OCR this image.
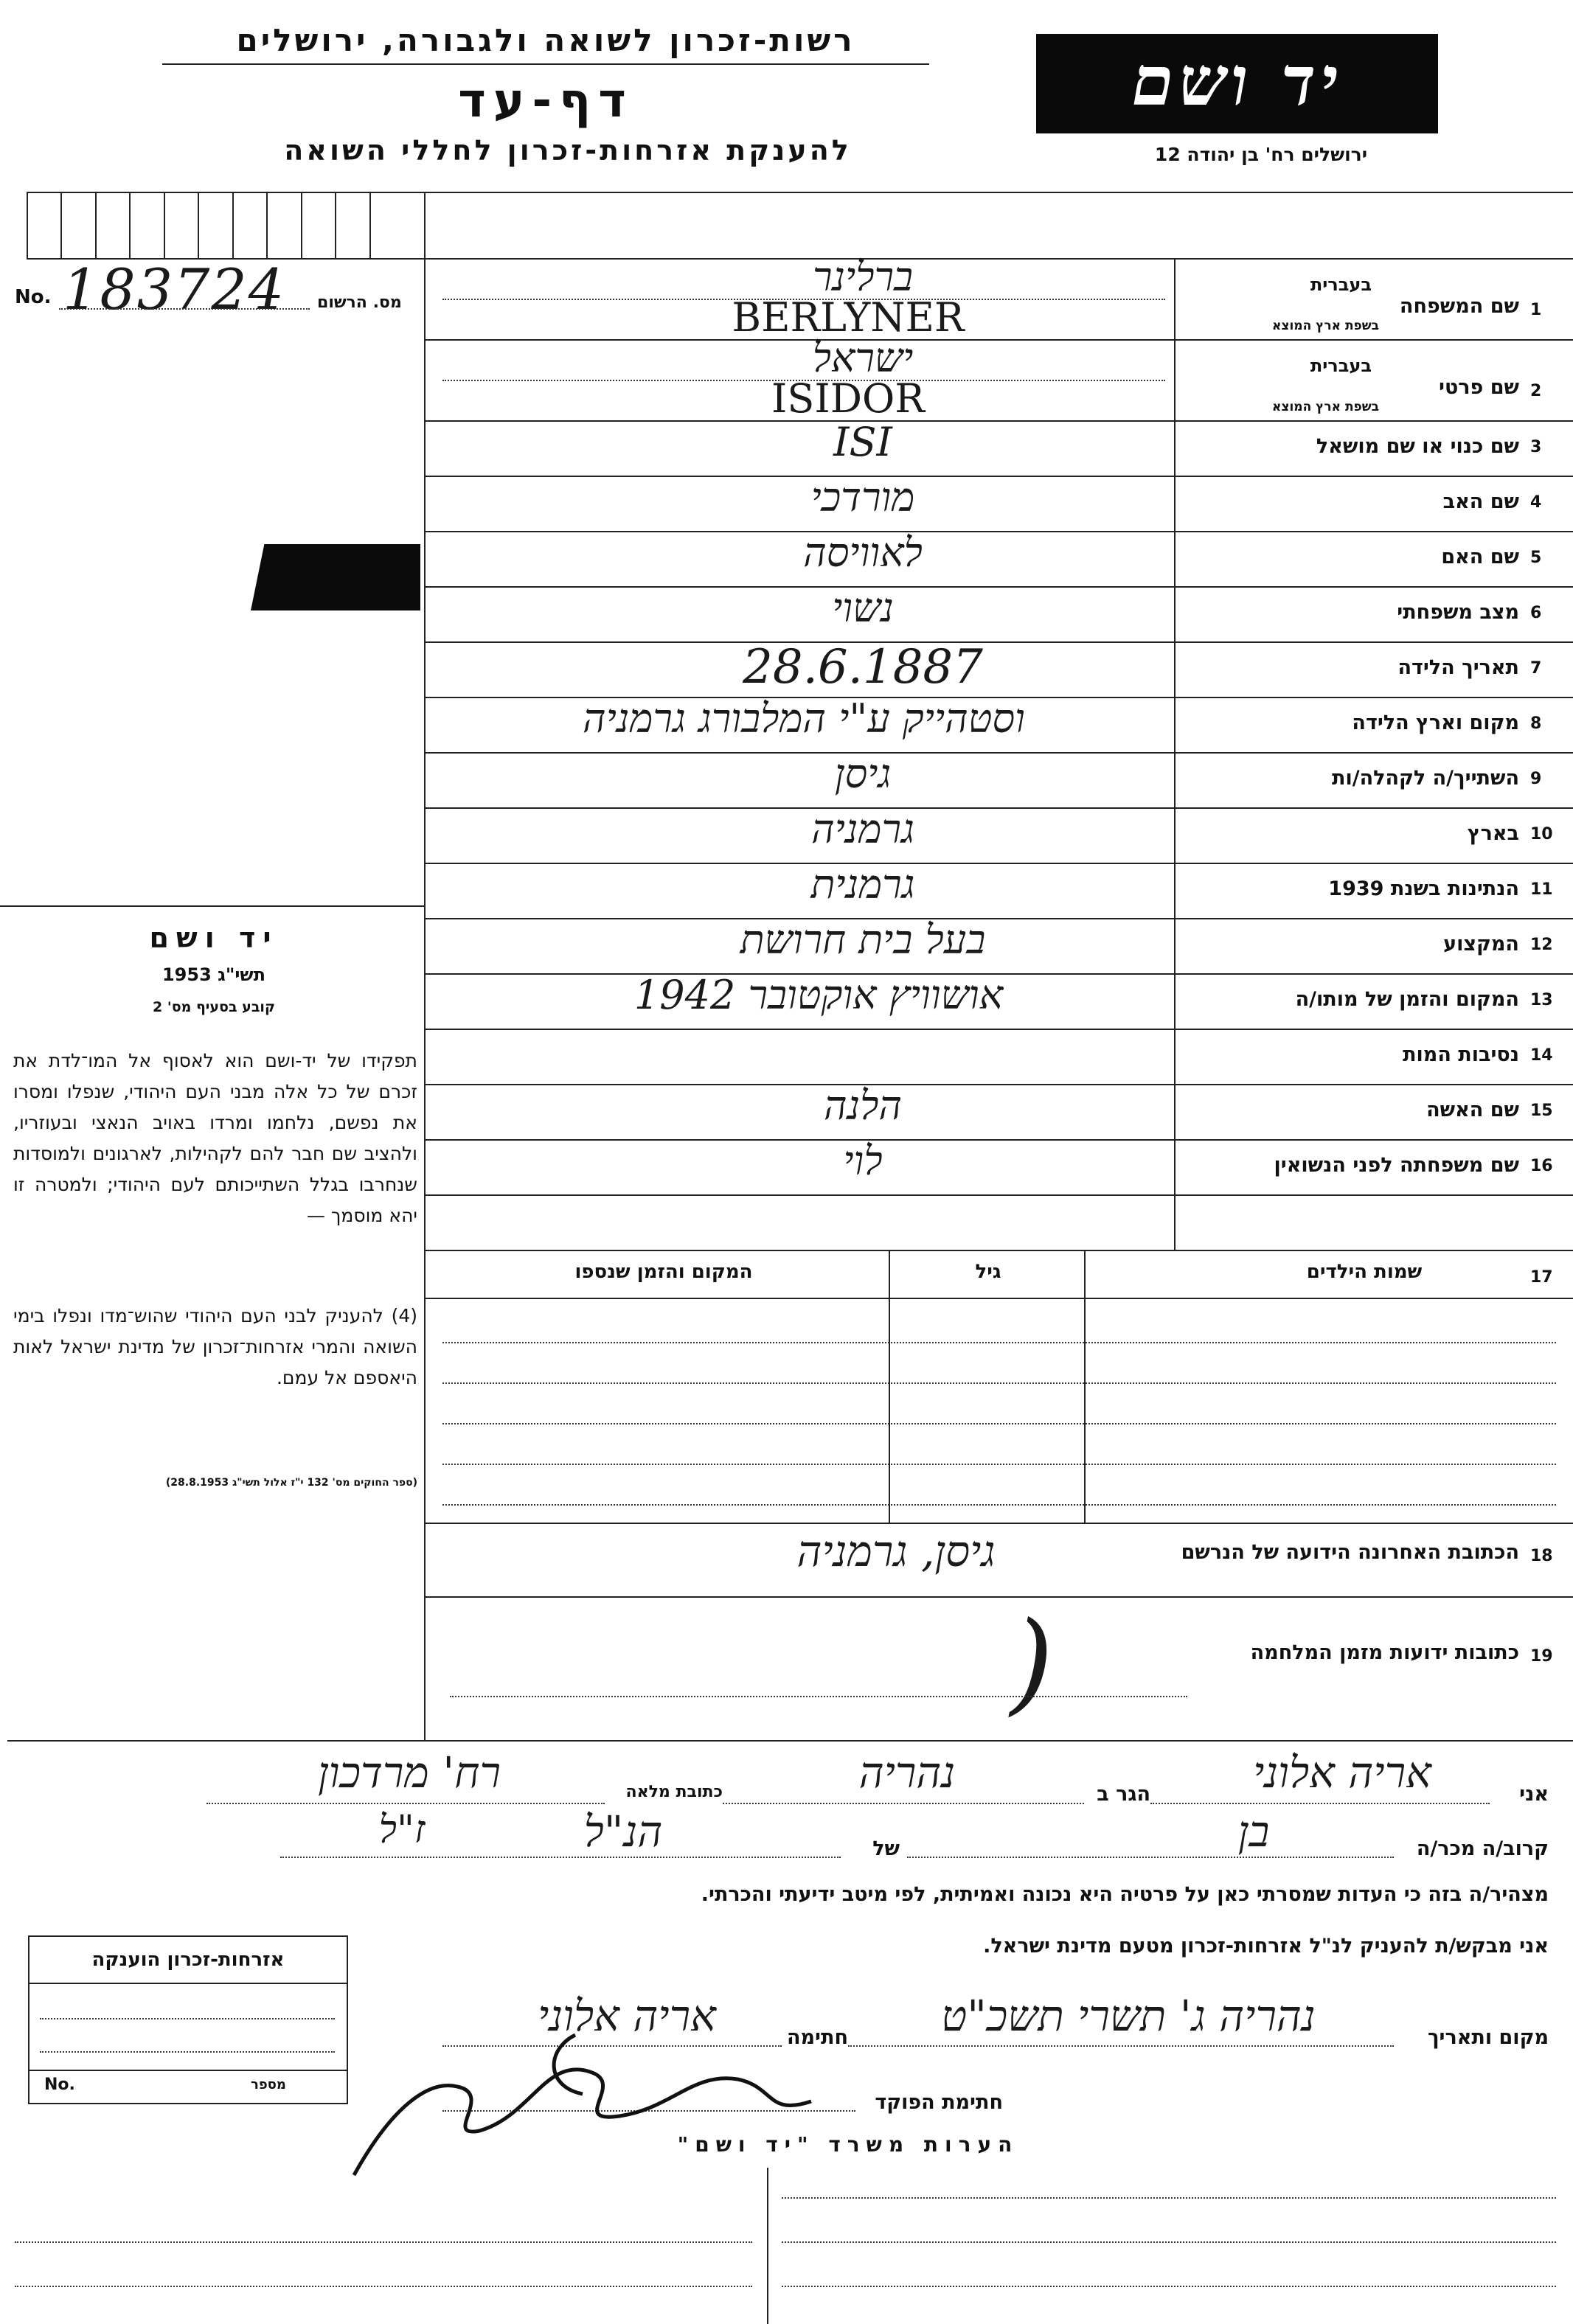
רשות-זכרון לשואה ולגבורה, ירושלים
דף-עד
להענקת אזרחות-זכרון לחללי השואה
יד ושם
ירושלים רח' בן יהודה 12
No. 183724 מס. הרשום
יד ושם
תשי"ג 1953
קובע בסעיף מס' 2
תפקידו של יד-ושם הוא לאסוף אל המו־לדת את זכרם של כל אלה מבני העם היהודי, שנפלו ומסרו את נפשם, נלחמו ומרדו באויב הנאצי ובעוזריו, ולהציב שם חבר להם לקהילות, לארגונים ולמוסדות שנחרבו בגלל השתייכותם לעם היהודי; ולמטרה זו יהא מוסמך —
(4) להעניק לבני העם היהודי שהוש־מדו ונפלו בימי השואה והמרי אזרחות־זכרון של מדינת ישראל לאות היאספם אל עמם.
(ספר החוקים מס' 132 י"ז אלול תשי"ג 28.8.1953)
1
שם המשפחה
בעברית
בשפת ארץ המוצא
BERLYNER
ברלינר
2
שם פרטי
בעברית
בשפת ארץ המוצא
ISIDOR
ישראל
3
שם כנוי או שם מושאל
ISI
4
שם האב
מורדכי
5
שם האם
לאוויסה
6
מצב משפחתי
נשוי
7
תאריך הלידה
28.6.1887
8
מקום וארץ הלידה
וסטהייק ע"י המלבורג גרמניה
9
השתייך/ה לקהלה/ות
גיסן
10
בארץ
גרמניה
11
הנתינות בשנת 1939
גרמנית
12
המקצוע
בעל בית חרושת
13
המקום והזמן של מותו/ה
אושוויץ אוקטובר 1942
14
נסיבות המות
15
שם האשה
הלנה
16
שם משפחתה לפני הנשואין
לוי
17
שמות הילדים
גיל
המקום והזמן שנספו
18
הכתובת האחרונה הידועה של הנרשם
גיסן, גרמניה
)	19
כתובות ידועות מזמן המלחמה
אני
אריה אלוני
הגר ב
נהריה
כתובת מלאה
רח' מרדכון
קרוב/ה מכר/ה
בן
של
הנ"ל
ז"ל
מצהיר/ה בזה כי העדות שמסרתי כאן על פרטיה היא נכונה ואמיתית, לפי מיטב ידיעתי והכרתי.
אני מבקש/ת להעניק לנ"ל אזרחות-זכרון מטעם מדינת ישראל.
מקום ותאריך
נהריה ג' תשרי תשכ"ט
חתימה
אריה אלוני
חתימת הפוקד
אזרחות-זכרון הוענקה
No.	מספר
הערות משרד "יד ושם"
